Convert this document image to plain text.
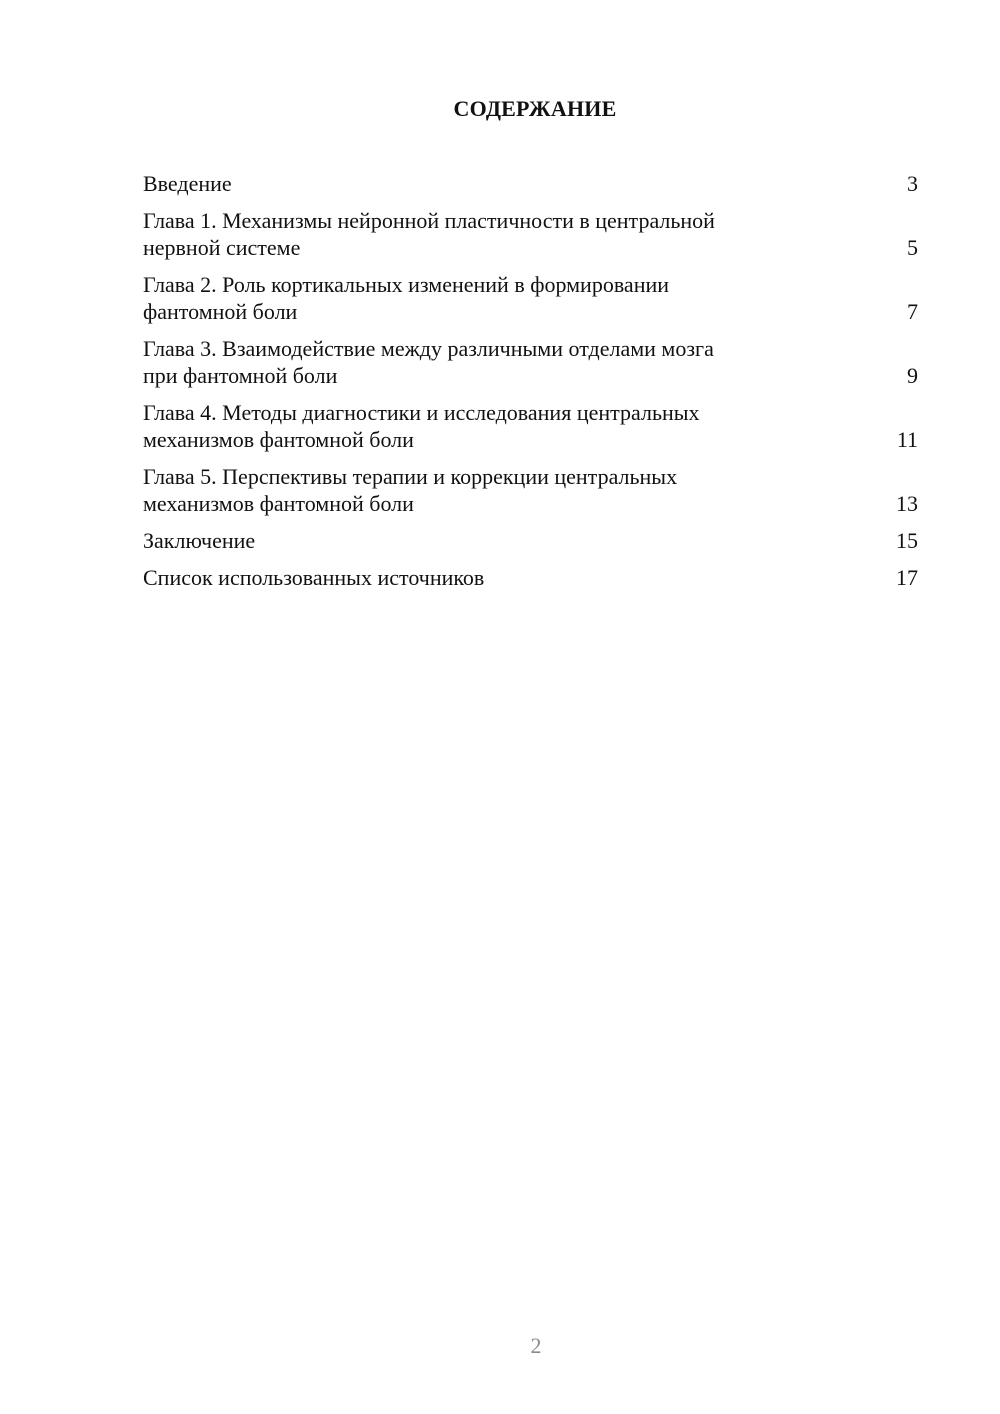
СОДЕРЖАНИЕ
Введение	3
Глава 1. Механизмы нейронной пластичности в центральной
нервной системе	5
Глава 2. Роль кортикальных изменений в формировании
фантомной боли	7
Глава 3. Взаимодействие между различными отделами мозга
при фантомной боли	9
Глава 4. Методы диагностики и исследования центральных
механизмов фантомной боли	11
Глава 5. Перспективы терапии и коррекции центральных
механизмов фантомной боли	13
Заключение	15
Список использованных источников	17
2
